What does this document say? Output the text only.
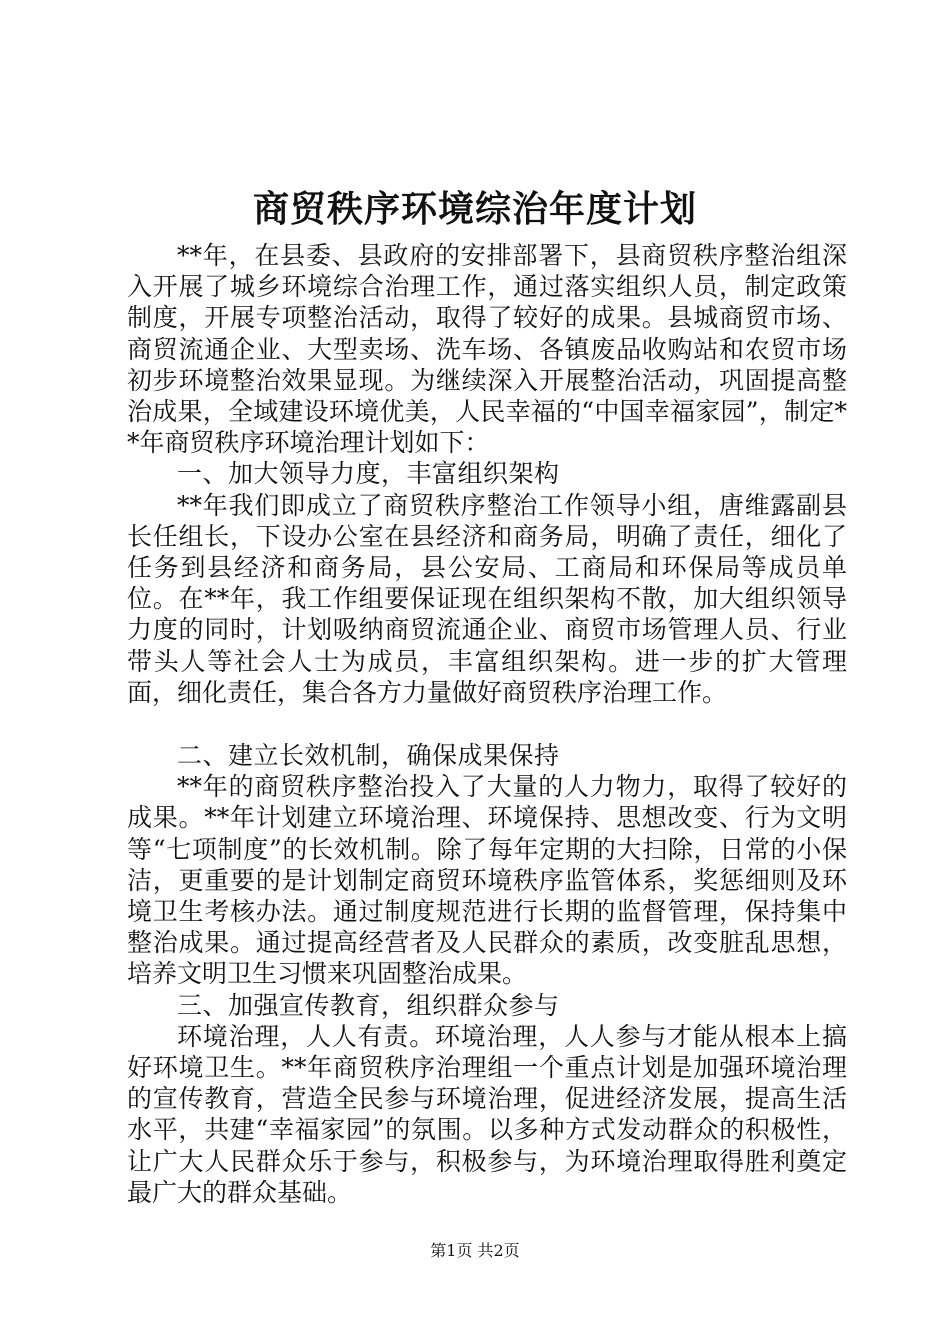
商贸秩序环境综治年度计划

**年，在县委、县政府的安排部署下，县商贸秩序整治组深入开展了城乡环境综合治理工作，通过落实组织人员，制定政策制度，开展专项整治活动，取得了较好的成果。县城商贸市场、商贸流通企业、大型卖场、洗车场、各镇废品收购站和农贸市场初步环境整治效果显现。为继续深入开展整治活动，巩固提高整治成果，全域建设环境优美，人民幸福的“中国幸福家园”，制定**年商贸秩序环境治理计划如下：

一、加大领导力度，丰富组织架构

**年我们即成立了商贸秩序整治工作领导小组，唐维露副县长任组长，下设办公室在县经济和商务局，明确了责任，细化了任务到县经济和商务局，县公安局、工商局和环保局等成员单位。在**年，我工作组要保证现在组织架构不散，加大组织领导力度的同时，计划吸纳商贸流通企业、商贸市场管理人员、行业带头人等社会人士为成员，丰富组织架构。进一步的扩大管理面，细化责任，集合各方力量做好商贸秩序治理工作。

二、建立长效机制，确保成果保持

**年的商贸秩序整治投入了大量的人力物力，取得了较好的成果。**年计划建立环境治理、环境保持、思想改变、行为文明等“七项制度”的长效机制。除了每年定期的大扫除，日常的小保洁，更重要的是计划制定商贸环境秩序监管体系，奖惩细则及环境卫生考核办法。通过制度规范进行长期的监督管理，保持集中整治成果。通过提高经营者及人民群众的素质，改变脏乱思想，培养文明卫生习惯来巩固整治成果。

三、加强宣传教育，组织群众参与

环境治理，人人有责。环境治理，人人参与才能从根本上搞好环境卫生。**年商贸秩序治理组一个重点计划是加强环境治理的宣传教育，营造全民参与环境治理，促进经济发展，提高生活水平，共建“幸福家园”的氛围。以多种方式发动群众的积极性，让广大人民群众乐于参与，积极参与，为环境治理取得胜利奠定最广大的群众基础。

第1页 共2页
